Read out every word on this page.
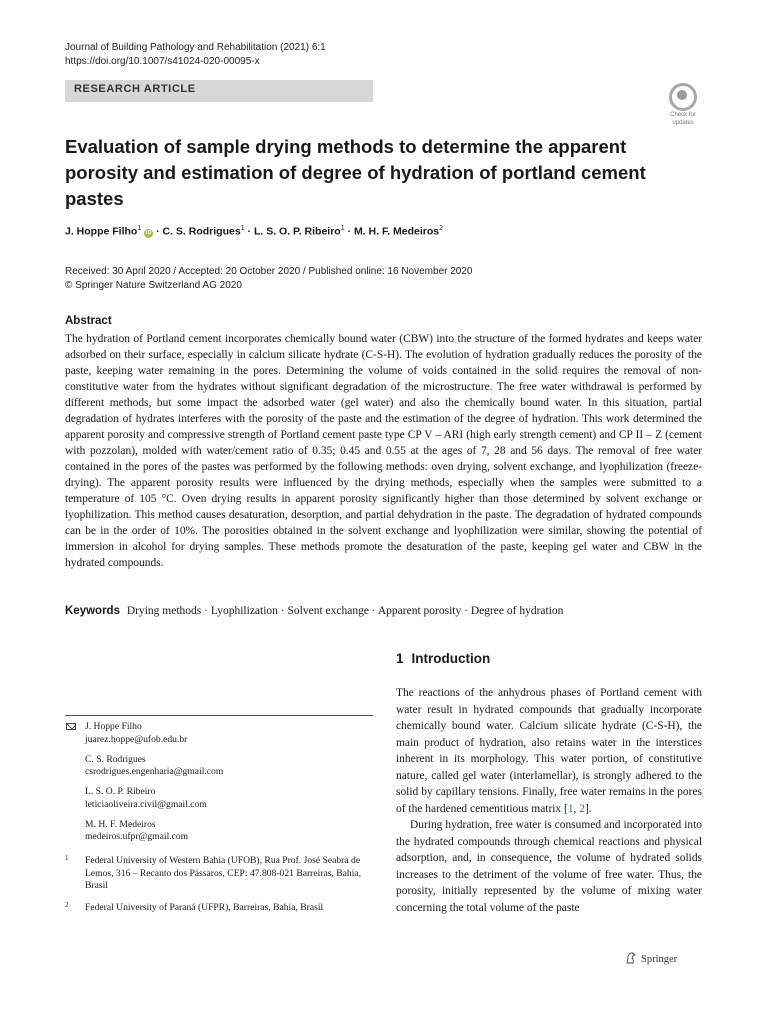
Journal of Building Pathology and Rehabilitation (2021) 6:1
https://doi.org/10.1007/s41024-020-00095-x
RESEARCH ARTICLE
Check for
updates
Evaluation of sample drying methods to determine the apparent porosity and estimation of degree of hydration of portland cement pastes
J. Hoppe Filho$^1$ iD · C. S. Rodrigues$^1$ · L. S. O. P. Ribeiro$^1$ · M. H. F. Medeiros$^2$
Received: 30 April 2020 / Accepted: 20 October 2020 / Published online: 16 November 2020
© Springer Nature Switzerland AG 2020
Abstract

The hydration of Portland cement incorporates chemically bound water (CBW) into the structure of the formed hydrates and keeps water adsorbed on their surface, especially in calcium silicate hydrate (C-S-H). The evolution of hydration gradually reduces the porosity of the paste, keeping water remaining in the pores. Determining the volume of voids contained in the solid requires the removal of non-constitutive water from the hydrates without significant degradation of the microstructure. The free water withdrawal is performed by different methods, but some impact the adsorbed water (gel water) and also the chemically bound water. In this situation, partial degradation of hydrates interferes with the porosity of the paste and the estimation of the degree of hydration. This work determined the apparent porosity and compressive strength of Portland cement paste type CP V – ARI (high early strength cement) and CP II – Z (cement with pozzolan), molded with water/cement ratio of 0.35; 0.45 and 0.55 at the ages of 7, 28 and 56 days. The removal of free water contained in the pores of the pastes was performed by the following methods: oven drying, solvent exchange, and lyophilization (freeze-drying). The apparent porosity results were influenced by the drying methods, especially when the samples were submitted to a temperature of 105 °C. Oven drying results in apparent porosity significantly higher than those determined by solvent exchange or lyophilization. This method causes desaturation, desorption, and partial dehydration in the paste. The degradation of hydrated compounds can be in the order of 10%. The porosities obtained in the solvent exchange and lyophilization were similar, showing the potential of immersion in alcohol for drying samples. These methods promote the desaturation of the paste, keeping gel water and CBW in the hydrated compounds.

Keywords Drying methods · Lyophilization · Solvent exchange · Apparent porosity · Degree of hydration
1 Introduction

The reactions of the anhydrous phases of Portland cement with water result in hydrated compounds that gradually incorporate chemically bound water. Calcium silicate hydrate (C-S-H), the main product of hydration, also retains water in the interstices inherent in its morphology. This water portion, of constitutive nature, called gel water (interlamellar), is strongly adhered to the solid by capillary tensions. Finally, free water remains in the pores of the hardened cementitious matrix [1, 2].

During hydration, free water is consumed and incorporated into the hydrated compounds through chemical reactions and physical adsorption, and, in consequence, the volume of hydrated solids increases to the detriment of the volume of free water. Thus, the porosity, initially represented by the volume of mixing water concerning the total volume of the paste

J. Hoppe Filho
juarez.hoppe@ufob.edu.br
C. S. Rodrigues
csrodrigues.engenharia@gmail.com
L. S. O. P. Ribeiro
leticiaoliveira.civil@gmail.com
M. H. F. Medeiros
medeiros.ufpr@gmail.com
1 Federal University of Western Bahia (UFOB), Rua Prof. José Seabra de Lemos, 316 – Recanto dos Pássaros, CEP: 47.808-021 Barreiras, Bahia, Brasil
2 Federal University of Paraná (UFPR), Barreiras, Bahia, Brasil
Springer
